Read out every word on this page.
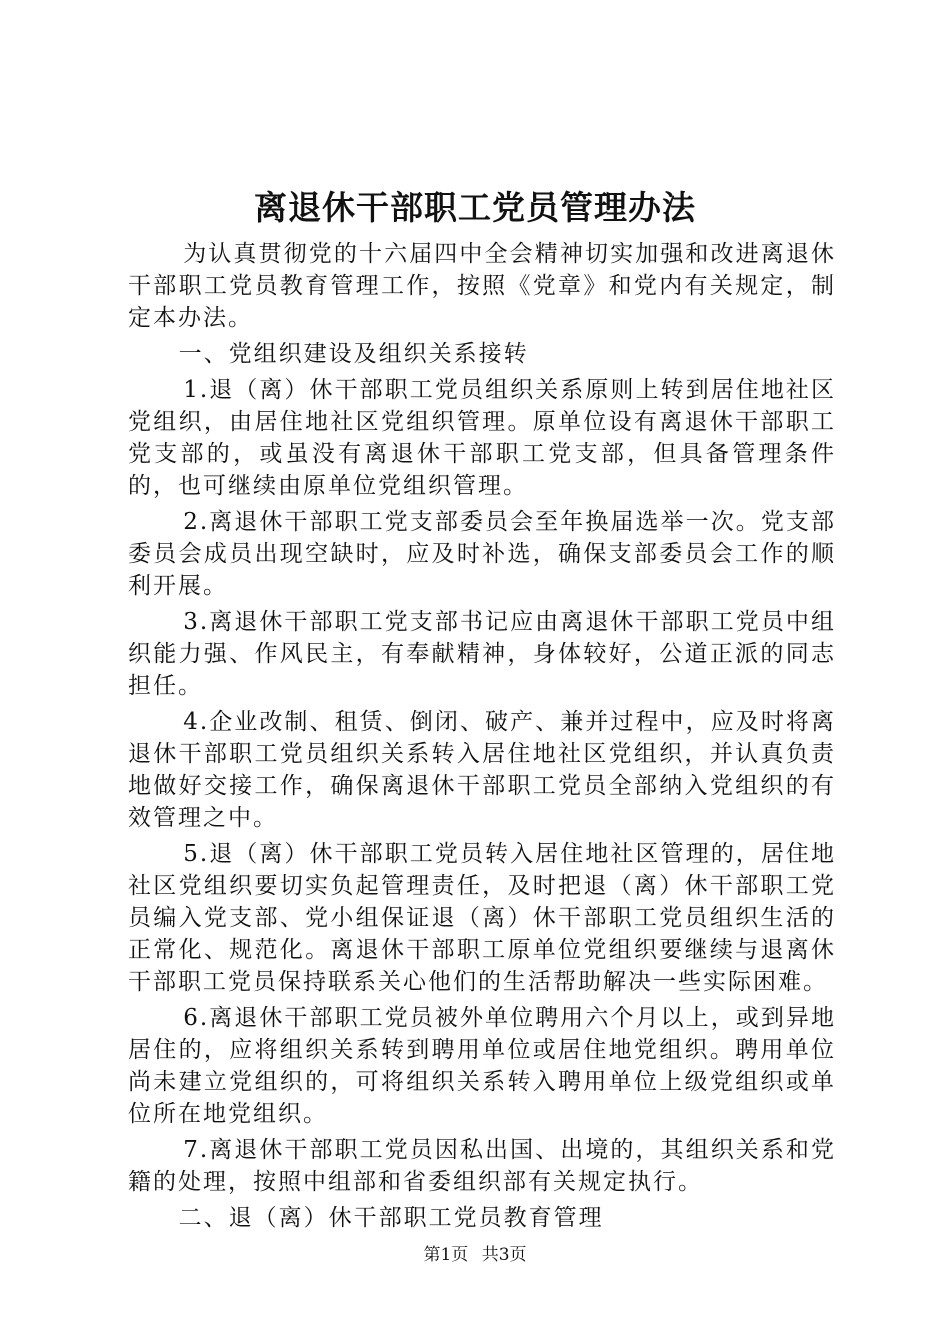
离退休干部职工党员管理办法

为认真贯彻党的十六届四中全会精神切实加强和改进离退休干部职工党员教育管理工作，按照《党章》和党内有关规定，制定本办法。

一、党组织建设及组织关系接转

1.退（离）休干部职工党员组织关系原则上转到居住地社区党组织，由居住地社区党组织管理。原单位设有离退休干部职工党支部的，或虽没有离退休干部职工党支部，但具备管理条件的，也可继续由原单位党组织管理。

2.离退休干部职工党支部委员会至年换届选举一次。党支部委员会成员出现空缺时，应及时补选，确保支部委员会工作的顺利开展。

3.离退休干部职工党支部书记应由离退休干部职工党员中组织能力强、作风民主，有奉献精神，身体较好，公道正派的同志担任。

4.企业改制、租赁、倒闭、破产、兼并过程中，应及时将离退休干部职工党员组织关系转入居住地社区党组织，并认真负责地做好交接工作，确保离退休干部职工党员全部纳入党组织的有效管理之中。

5.退（离）休干部职工党员转入居住地社区管理的，居住地社区党组织要切实负起管理责任，及时把退（离）休干部职工党员编入党支部、党小组保证退（离）休干部职工党员组织生活的正常化、规范化。离退休干部职工原单位党组织要继续与退离休干部职工党员保持联系关心他们的生活帮助解决一些实际困难。

6.离退休干部职工党员被外单位聘用六个月以上，或到异地居住的，应将组织关系转到聘用单位或居住地党组织。聘用单位尚未建立党组织的，可将组织关系转入聘用单位上级党组织或单位所在地党组织。

7.离退休干部职工党员因私出国、出境的，其组织关系和党籍的处理，按照中组部和省委组织部有关规定执行。

二、退（离）休干部职工党员教育管理

第1页 共3页
